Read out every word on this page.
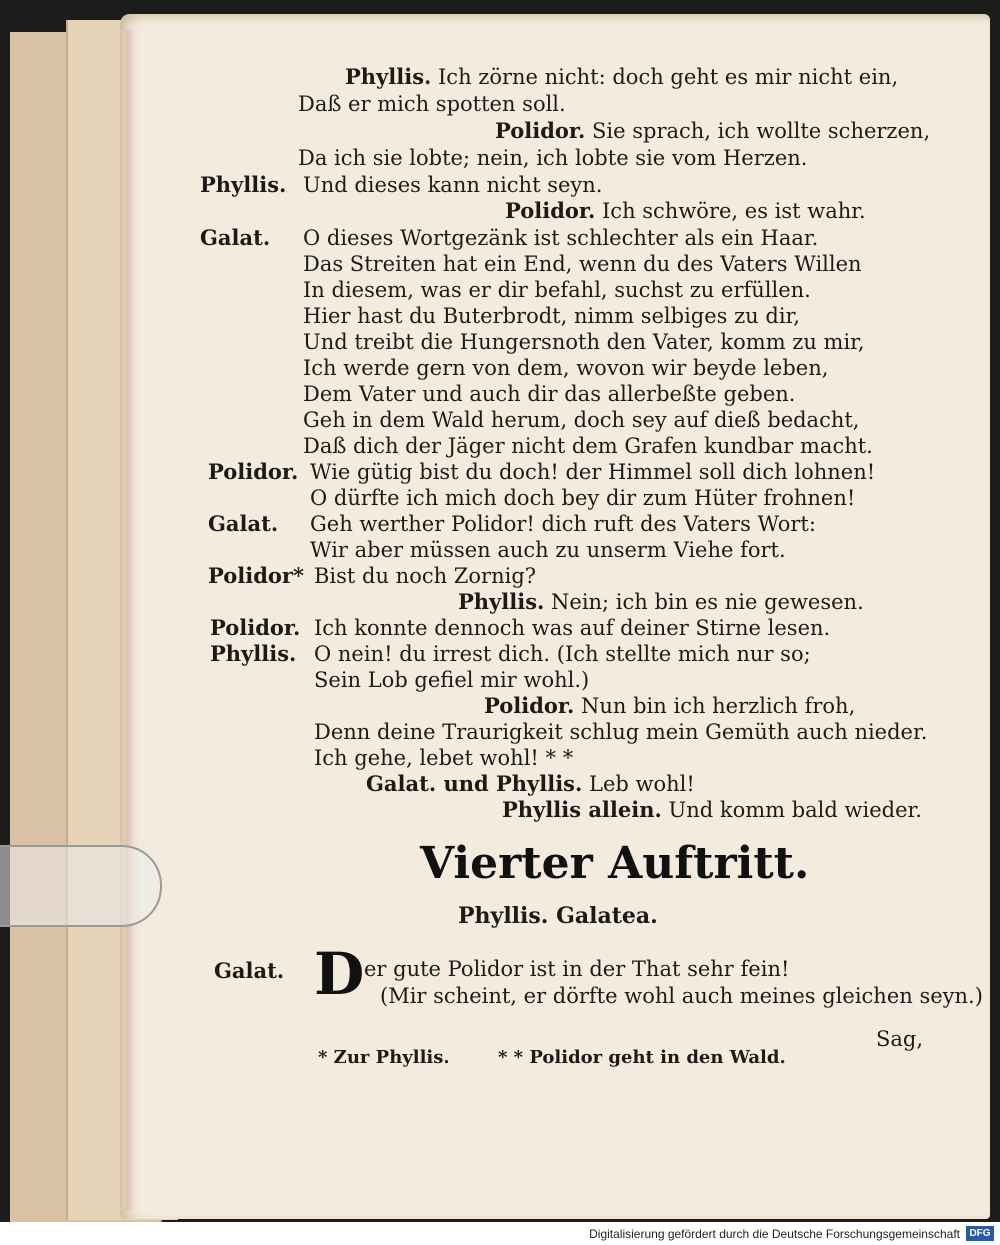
Phyllis. Ich zörne nicht: doch geht es mir nicht ein,
Daß er mich spotten soll.
Polidor. Sie sprach, ich wollte scherzen,
Da ich sie lobte; nein, ich lobte sie vom Herzen.
Phyllis. Und dieses kann nicht seyn.
Polidor. Ich schwöre, es ist wahr.
Galat. O dieses Wortgezänk ist schlechter als ein Haar.
Das Streiten hat ein End, wenn du des Vaters Willen
In diesem, was er dir befahl, suchst zu erfüllen.
Hier hast du Buterbrodt, nimm selbiges zu dir,
Und treibt die Hungersnoth den Vater, komm zu mir,
Ich werde gern von dem, wovon wir beyde leben,
Dem Vater und auch dir das allerbeßte geben.
Geh in dem Wald herum, doch sey auf dieß bedacht,
Daß dich der Jäger nicht dem Grafen kundbar macht.
Polidor. Wie gütig bist du doch! der Himmel soll dich lohnen!
O dürfte ich mich doch bey dir zum Hüter frohnen!
Galat. Geh werther Polidor! dich ruft des Vaters Wort:
Wir aber müssen auch zu unserm Viehe fort.
Polidor* Bist du noch Zornig?
Phyllis. Nein; ich bin es nie gewesen.
Polidor. Ich konnte dennoch was auf deiner Stirne lesen.
Phyllis. O nein! du irrest dich. (Ich stellte mich nur so;
Sein Lob gefiel mir wohl.)
Polidor. Nun bin ich herzlich froh,
Denn deine Traurigkeit schlug mein Gemüth auch nieder.
Ich gehe, lebet wohl! * *
Galat. und Phyllis. Leb wohl!
Phyllis allein. Und komm bald wieder.
Vierter Auftritt.
Phyllis. Galatea.
Galat. D er gute Polidor ist in der That sehr fein!
(Mir scheint, er dörfte wohl auch meines gleichen seyn.)
Sag,
* Zur Phyllis.	* * Polidor geht in den Wald.
Digitalisierung gefördert durch die Deutsche Forschungsgemeinschaft DFG
